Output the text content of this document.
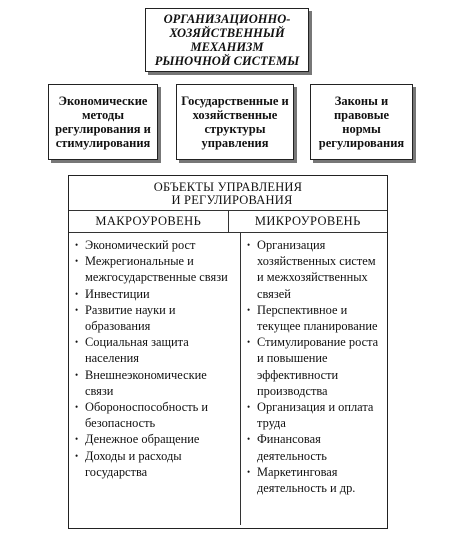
ОРГАНИЗАЦИОННО-ХОЗЯЙСТВЕННЫЙ МЕХАНИЗМ РЫНОЧНОЙ СИСТЕМЫ
Экономические методы регулирования и стимулирования
Государственные и хозяйственные структуры управления
Законы и правовые нормы регулирования
ОБЪЕКТЫ УПРАВЛЕНИЯ
И РЕГУЛИРОВАНИЯ
МАКРОУРОВЕНЬ	МИКРОУРОВЕНЬ
• Экономический рост
• Межрегиональные и межгосударственные связи
• Инвестиции
• Развитие науки и образования
• Социальная защита населения
• Внешнеэкономические связи
• Обороноспособность и безопасность
• Денежное обращение
• Доходы и расходы государства
• Организация хозяйственных систем и межхозяйственных связей
• Перспективное и текущее планирование
• Стимулирование роста и повышение эффективности производства
• Организация и оплата труда
• Финансовая деятельность
• Маркетинговая деятельность и др.
